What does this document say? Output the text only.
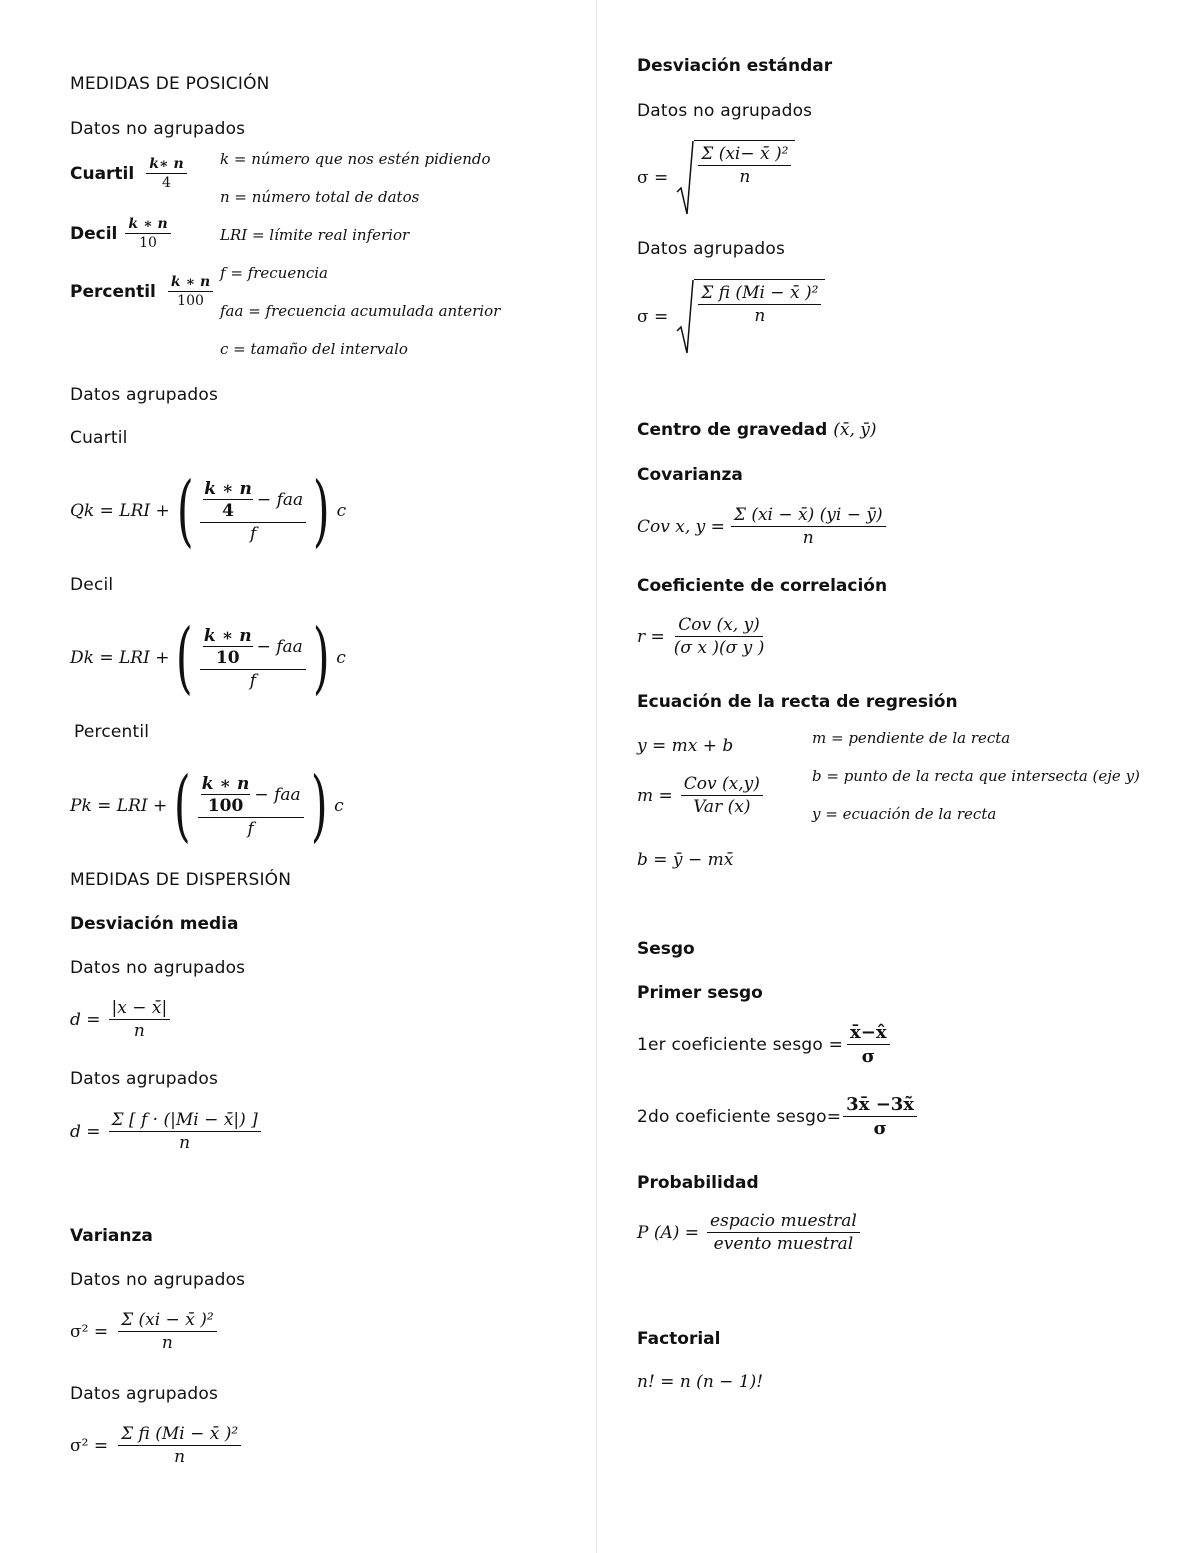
MEDIDAS DE POSICIÓN
Datos no agrupados
Cuartil $\frac{k∗ n}{4}$
Decil $\frac{k ∗ n}{10}$
Percentil $\frac{k ∗ n}{100}$
k = número que nos estén pidiendo
n = número total de datos
LRI = límite real inferior
f = frecuencia
faa = frecuencia acumulada anterior
c = tamaño del intervalo
Datos agrupados
Cuartil
Qk = LRI + ( $\frac{\frac{k ∗ n}{4} - faa}{f}$ ) c
Decil
Dk = LRI + ( $\frac{\frac{k ∗ n}{10} - faa}{f}$ ) c
Percentil
Pk = LRI + ( $\frac{\frac{k ∗ n}{100} - faa}{f}$ ) c
MEDIDAS DE DISPERSIÓN
Desviación media
Datos no agrupados
$d = \frac{|x - x̄|}{n}$
Datos agrupados
$d = \frac{\Sigma [ f \cdot (|Mi - x̄|) ]}{n}$
Varianza
Datos no agrupados
$\sigma^2 = \frac{\text{Σ (xi − x̄ )²}}{n}$
Datos agrupados
$\sigma^2 = \frac{\text{Σ fi (Mi − x̄ )²}}{n}$
Desviación estándar
Datos no agrupados
$\sigma = \frac{\text{Σ (xi− x̄ )²}}{n}$
Datos agrupados
$\sigma = \frac{\text{Σ fi (Mi − x̄ )²}}{n}$
Centro de gravedad (x̄, ȳ)
Covarianza
Cov x, $y = \frac{\Sigma (xi - x̄) (yi - ȳ)}{n}$
Coeficiente de correlación
$r = \frac{\text{Cov (x, y)}}{\text{(σ x )(σ y )}}$
Ecuación de la recta de regresión
y = mx + b
$m = \frac{\text{Cov (x,y)}}{\text{Var (x)}}$
b = ȳ − mx̄
m = pendiente de la recta
b = punto de la recta que intersecta (eje y)
y = ecuación de la recta
Sesgo
Primer sesgo
1er coeficiente sesgo = $\frac{x̄-x̂}{\sigma}$
2do coeficiente sesgo= $\frac{3x̄ -3x̃}{\sigma}$
Probabilidad
P $(A) = \frac{\text{espacio muestral}}{\text{evento muestral}}$
Factorial
n! = n (n − 1)!
